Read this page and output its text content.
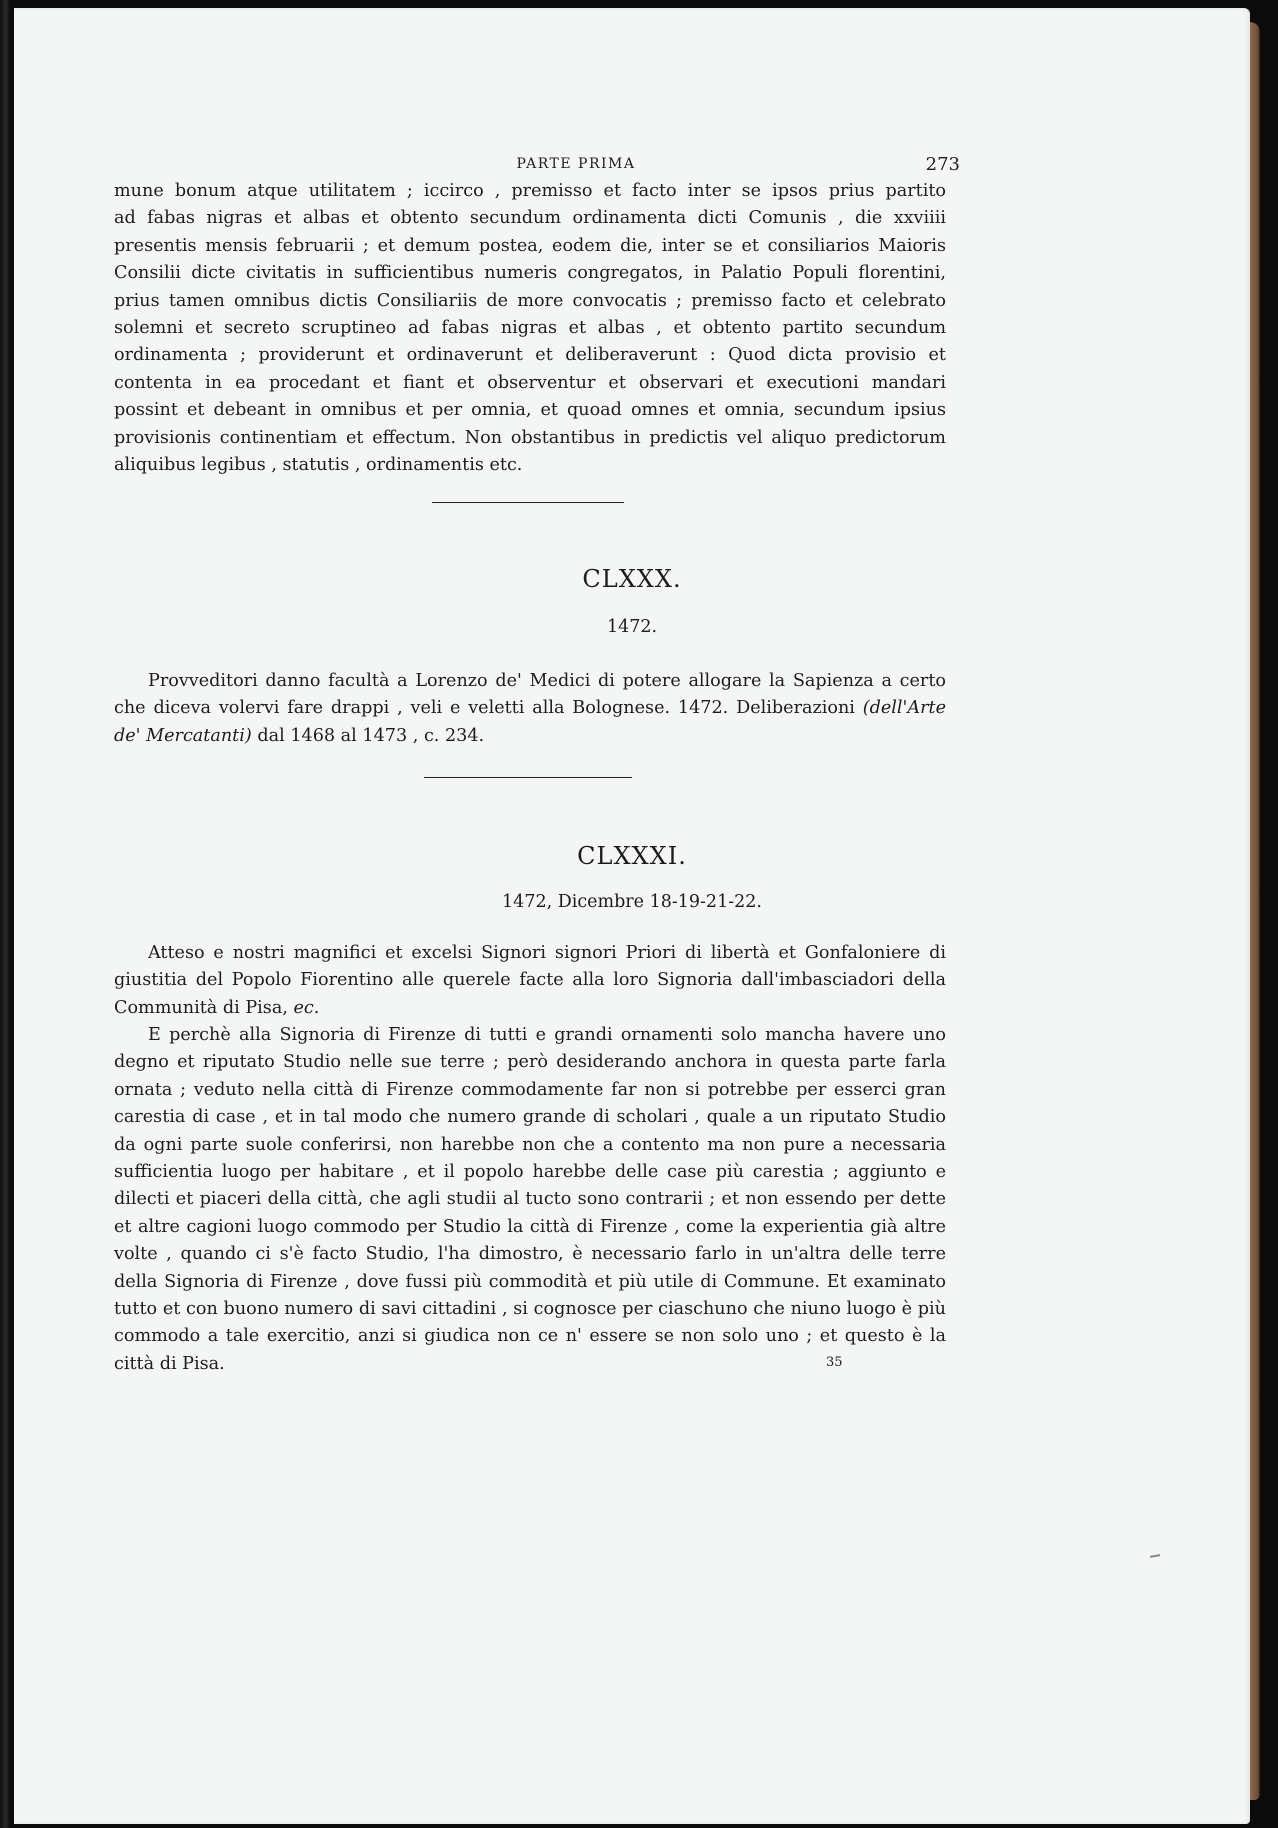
PARTE PRIMA	273
mune bonum atque utilitatem ; iccirco , premisso et facto inter se ipsos prius partito
ad fabas nigras et albas et obtento secundum ordinamenta dicti Comunis , die xxviiii
presentis mensis februarii ; et demum postea, eodem die, inter se et consiliarios Maioris
Consilii dicte civitatis in sufficientibus numeris congregatos, in Palatio Populi florentini,
prius tamen omnibus dictis Consiliariis de more convocatis ; premisso facto et celebrato
solemni et secreto scruptineo ad fabas nigras et albas , et obtento partito secundum
ordinamenta ; providerunt et ordinaverunt et deliberaverunt : Quod dicta provisio et
contenta in ea procedant et fiant et observentur et observari et executioni mandari
possint et debeant in omnibus et per omnia, et quoad omnes et omnia, secundum ipsius
provisionis continentiam et effectum. Non obstantibus in predictis vel aliquo predictorum
aliquibus legibus , statutis , ordinamentis etc.
CLXXX.
1472.
Provveditori danno facultà a Lorenzo de' Medici di potere allogare la Sapienza a certo che diceva volervi fare drappi , veli e veletti alla Bolognese. 1472. Deliberazioni (dell'Arte de' Mercatanti) dal 1468 al 1473 , c. 234.
CLXXXI.
1472, Dicembre 18-19-21-22.
Atteso e nostri magnifici et excelsi Signori signori Priori di libertà et Gonfaloniere di giustitia del Popolo Fiorentino alle querele facte alla loro Signoria dall'imbasciadori della Communità di Pisa, ec.
E perchè alla Signoria di Firenze di tutti e grandi ornamenti solo mancha havere uno degno et riputato Studio nelle sue terre ; però desiderando anchora in questa parte farla ornata ; veduto nella città di Firenze commodamente far non si potrebbe per esserci gran carestia di case , et in tal modo che numero grande di scholari , quale a un riputato Studio da ogni parte suole conferirsi, non harebbe non che a contento ma non pure a necessaria sufficientia luogo per habitare , et il popolo harebbe delle case più carestia ; aggiunto e dilecti et piaceri della città, che agli studii al tucto sono contrarii ; et non essendo per dette et altre cagioni luogo commodo per Studio la città di Firenze , come la experientia già altre volte , quando ci s'è facto Studio, l'ha dimostro, è necessario farlo in un'altra delle terre della Signoria di Firenze , dove fussi più commodità et più utile di Commune. Et examinato tutto et con buono numero di savi cittadini , si cognosce per ciaschuno che niuno luogo è più commodo a tale exercitio, anzi si giudica non ce n' essere se non solo uno ; et questo è la città di Pisa.	35
